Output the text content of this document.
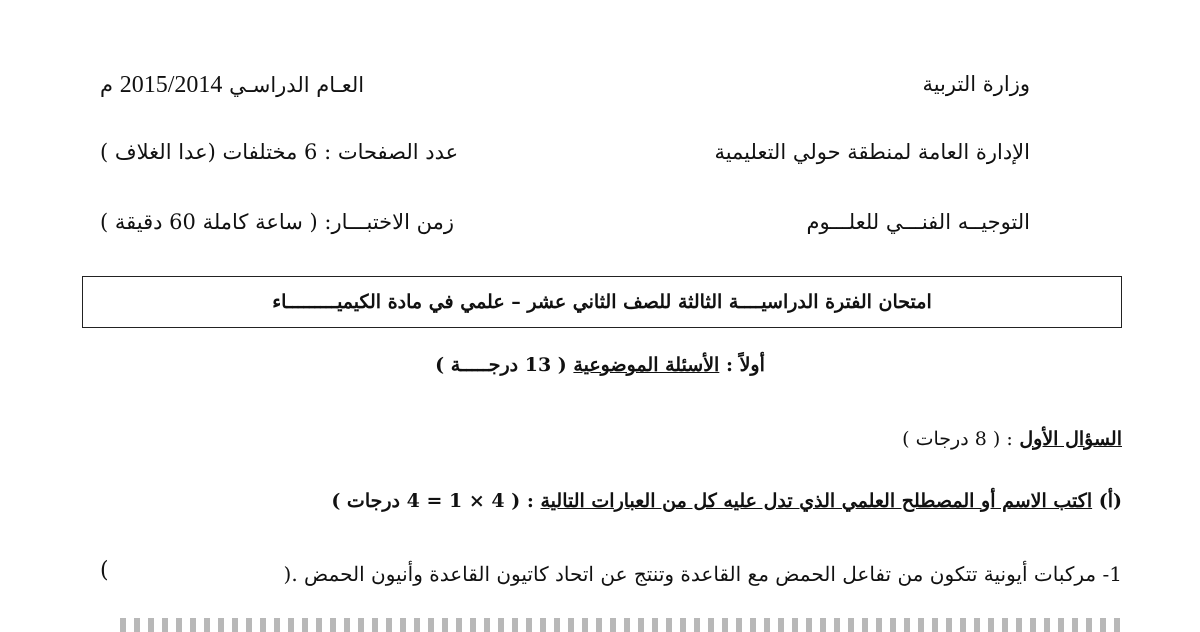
وزارة التربية
العـام الدراسـي 2015/2014 م
الإدارة العامة لمنطقة حولي التعليمية
عدد الصفحات : 6 مختلفات (عدا الغلاف )
التوجيــه الفنـــي للعلـــوم
زمن الاختبـــار: ( ساعة كاملة 60 دقيقة )
امتحان الفترة الدراسيــــة الثالثة للصف الثاني عشر – علمي في مادة الكيميـــــــــاء
أولاً : الأسئلة الموضوعية ( 13 درجـــــة )
السؤال الأول : ( 8 درجات )
(أ) اكتب الاسم أو المصطلح العلمي الذي تدل عليه كل من العبارات التالية : ( 4 × 1 = 4 درجات )
1- مركبات أيونية تتكون من تفاعل الحمض مع القاعدة وتنتج عن اتحاد كاتيون القاعدة وأنيون الحمض .(
)
